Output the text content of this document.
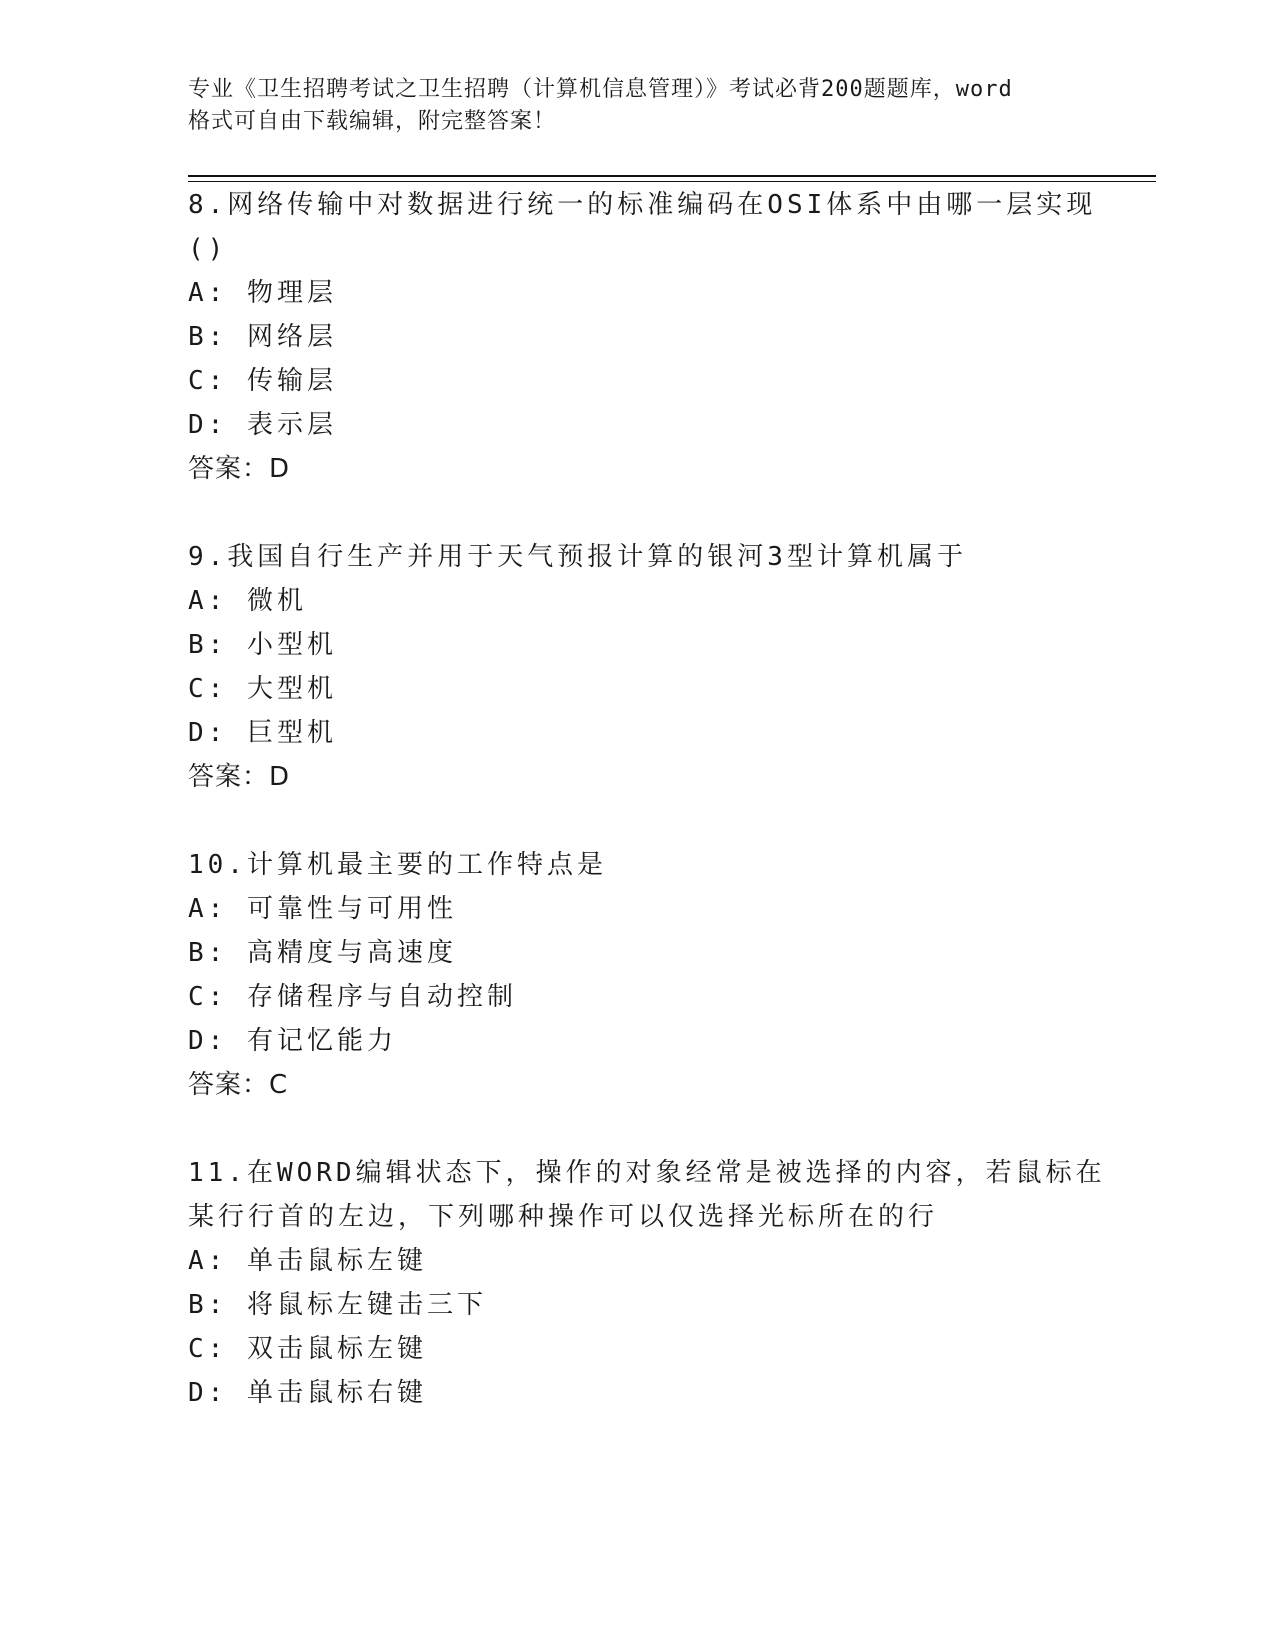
专业《卫生招聘考试之卫生招聘（计算机信息管理）》考试必背200题题库，word
格式可自由下载编辑，附完整答案！
8.网络传输中对数据进行统一的标准编码在OSI体系中由哪一层实现
()
A: 物理层
B: 网络层
C: 传输层
D: 表示层
答案：D
9.我国自行生产并用于天气预报计算的银河3型计算机属于
A: 微机
B: 小型机
C: 大型机
D: 巨型机
答案：D
10.计算机最主要的工作特点是
A: 可靠性与可用性
B: 高精度与高速度
C: 存储程序与自动控制
D: 有记忆能力
答案：C
11.在WORD编辑状态下，操作的对象经常是被选择的内容，若鼠标在
某行行首的左边，下列哪种操作可以仅选择光标所在的行
A: 单击鼠标左键
B: 将鼠标左键击三下
C: 双击鼠标左键
D: 单击鼠标右键
